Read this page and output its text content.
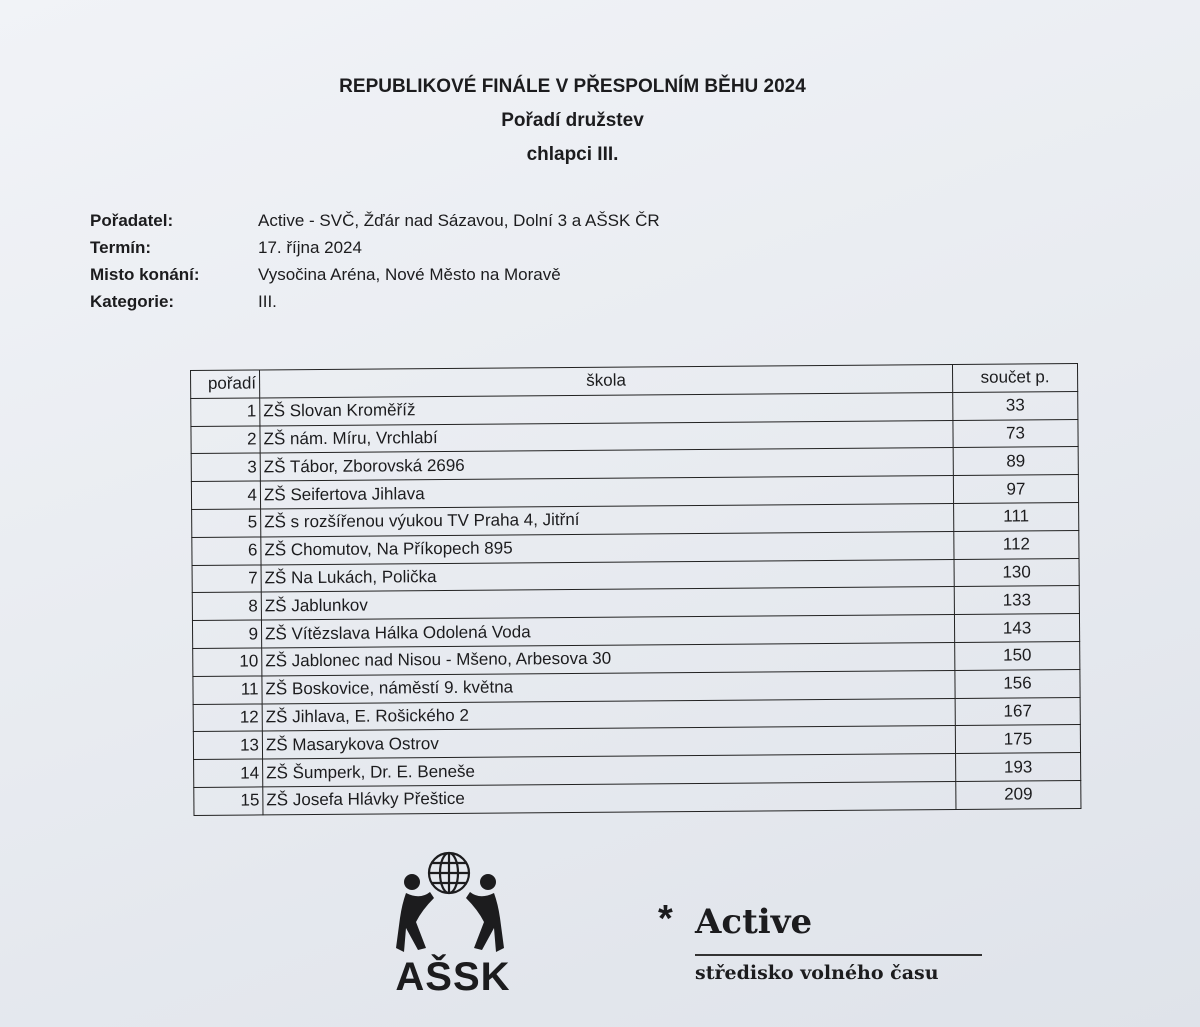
REPUBLIKOVÉ FINÁLE V PŘESPOLNÍM BĚHU 2024
Pořadí družstev
chlapci III.
Pořadatel:	Active - SVČ, Žďár nad Sázavou, Dolní 3 a AŠSK ČR
Termín:	17. října 2024
Misto konání:	Vysočina Aréna, Nové Město na Moravě
Kategorie:	III.
pořadí	škola	součet p.
1	ZŠ Slovan Kroměříž	33
2	ZŠ nám. Míru, Vrchlabí	73
3	ZŠ Tábor, Zborovská 2696	89
4	ZŠ Seifertova Jihlava	97
5	ZŠ s rozšířenou výukou TV Praha 4, Jitřní	111
6	ZŠ Chomutov, Na Příkopech 895	112
7	ZŠ Na Lukách, Polička	130
8	ZŠ Jablunkov	133
9	ZŠ Vítězslava Hálka Odolená Voda	143
10	ZŠ Jablonec nad Nisou - Mšeno, Arbesova 30	150
11	ZŠ Boskovice, náměstí 9. května	156
12	ZŠ Jihlava, E. Rošického 2	167
13	ZŠ Masarykova Ostrov	175
14	ZŠ Šumperk, Dr. E. Beneše	193
15	ZŠ Josefa Hlávky Přeštice	209
AŠSK
* Active
středisko volného času
